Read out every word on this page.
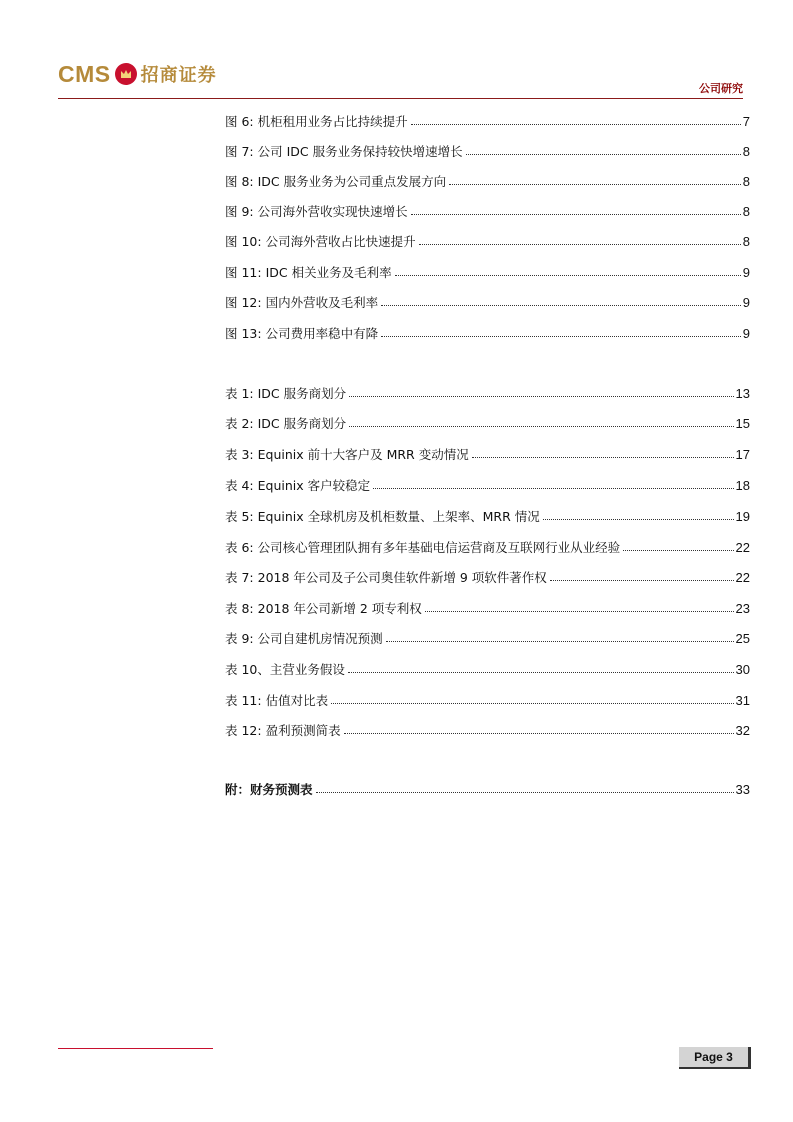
CMS 招商证券
公司研究
图 6: 机柜租用业务占比持续提升	7
图 7: 公司 IDC 服务业务保持较快增速增长	8
图 8: IDC 服务业务为公司重点发展方向	8
图 9: 公司海外营收实现快速增长	8
图 10: 公司海外营收占比快速提升	8
图 11: IDC 相关业务及毛利率	9
图 12: 国内外营收及毛利率	9
图 13: 公司费用率稳中有降	9
表 1: IDC 服务商划分	13
表 2: IDC 服务商划分	15
表 3: Equinix 前十大客户及 MRR 变动情况	17
表 4: Equinix 客户较稳定	18
表 5: Equinix 全球机房及机柜数量、上架率、MRR 情况	19
表 6: 公司核心管理团队拥有多年基础电信运营商及互联网行业从业经验	22
表 7: 2018 年公司及子公司奥佳软件新增 9 项软件著作权	22
表 8: 2018 年公司新增 2 项专利权	23
表 9: 公司自建机房情况预测	25
表 10、主营业务假设	30
表 11: 估值对比表	31
表 12: 盈利预测简表	32
附：财务预测表	33
Page 3
